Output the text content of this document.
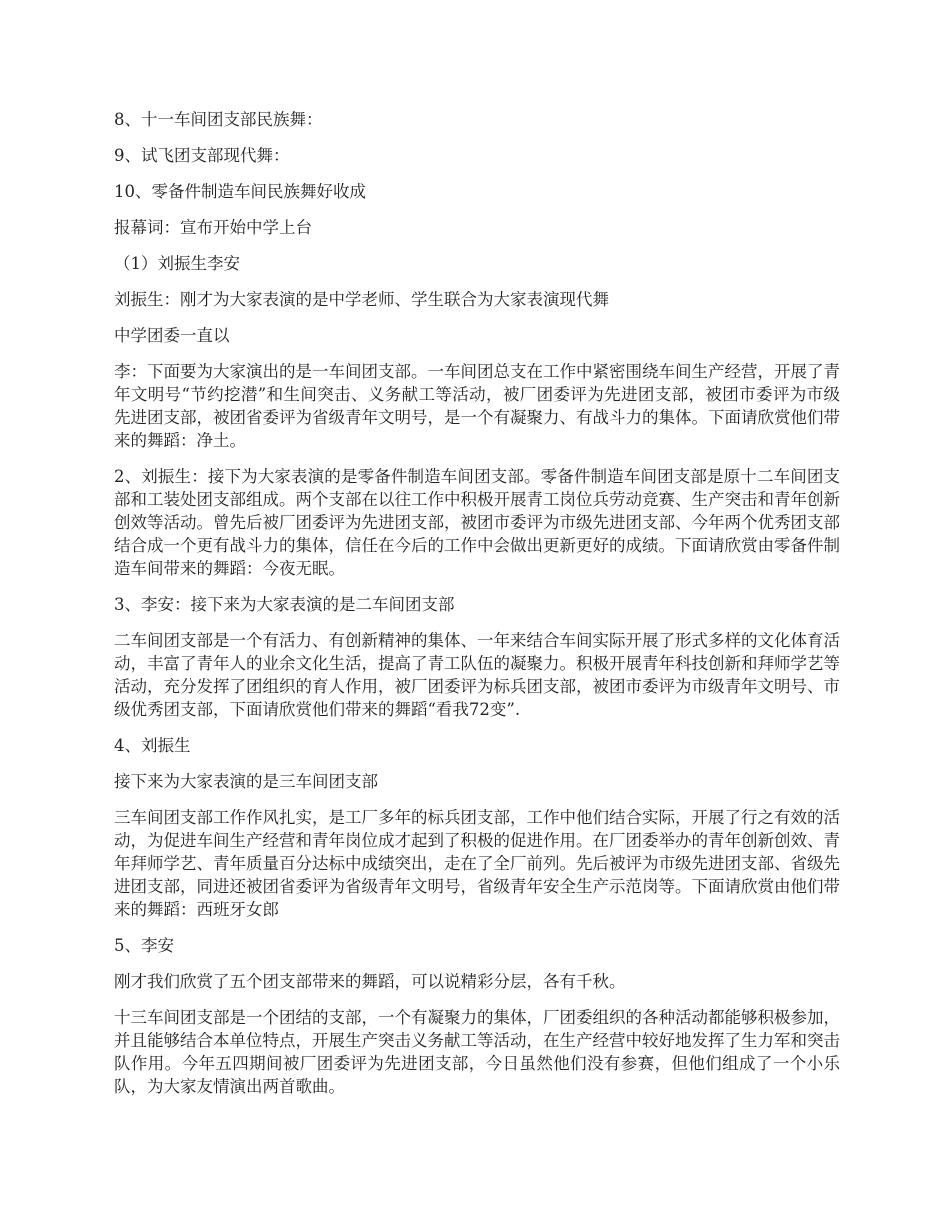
8、十一车间团支部民族舞：

9、试飞团支部现代舞：

10、零备件制造车间民族舞好收成

报幕词：宣布开始中学上台

（1）刘振生李安

刘振生：刚才为大家表演的是中学老师、学生联合为大家表演现代舞

中学团委一直以

李：下面要为大家演出的是一车间团支部。一车间团总支在工作中紧密围绕车间生产经营，开展了青年文明号“节约挖潜”和生间突击、义务献工等活动，被厂团委评为先进团支部，被团市委评为市级先进团支部，被团省委评为省级青年文明号，是一个有凝聚力、有战斗力的集体。下面请欣赏他们带来的舞蹈：净土。

2、刘振生：接下为大家表演的是零备件制造车间团支部。零备件制造车间团支部是原十二车间团支部和工装处团支部组成。两个支部在以往工作中积极开展青工岗位兵劳动竞赛、生产突击和青年创新创效等活动。曾先后被厂团委评为先进团支部，被团市委评为市级先进团支部、今年两个优秀团支部结合成一个更有战斗力的集体，信任在今后的工作中会做出更新更好的成绩。下面请欣赏由零备件制造车间带来的舞蹈：今夜无眠。

3、李安：接下来为大家表演的是二车间团支部

二车间团支部是一个有活力、有创新精神的集体、一年来结合车间实际开展了形式多样的文化体育活动，丰富了青年人的业余文化生活，提高了青工队伍的凝聚力。积极开展青年科技创新和拜师学艺等活动，充分发挥了团组织的育人作用，被厂团委评为标兵团支部，被团市委评为市级青年文明号、市级优秀团支部，下面请欣赏他们带来的舞蹈“看我72变”.

4、刘振生

接下来为大家表演的是三车间团支部

三车间团支部工作作风扎实，是工厂多年的标兵团支部，工作中他们结合实际，开展了行之有效的活动，为促进车间生产经营和青年岗位成才起到了积极的促进作用。在厂团委举办的青年创新创效、青年拜师学艺、青年质量百分达标中成绩突出，走在了全厂前列。先后被评为市级先进团支部、省级先进团支部，同进还被团省委评为省级青年文明号，省级青年安全生产示范岗等。下面请欣赏由他们带来的舞蹈：西班牙女郎

5、李安

刚才我们欣赏了五个团支部带来的舞蹈，可以说精彩分层，各有千秋。

十三车间团支部是一个团结的支部，一个有凝聚力的集体，厂团委组织的各种活动都能够积极参加，并且能够结合本单位特点，开展生产突击义务献工等活动，在生产经营中较好地发挥了生力军和突击队作用。今年五四期间被厂团委评为先进团支部，今日虽然他们没有参赛，但他们组成了一个小乐队，为大家友情演出两首歌曲。
